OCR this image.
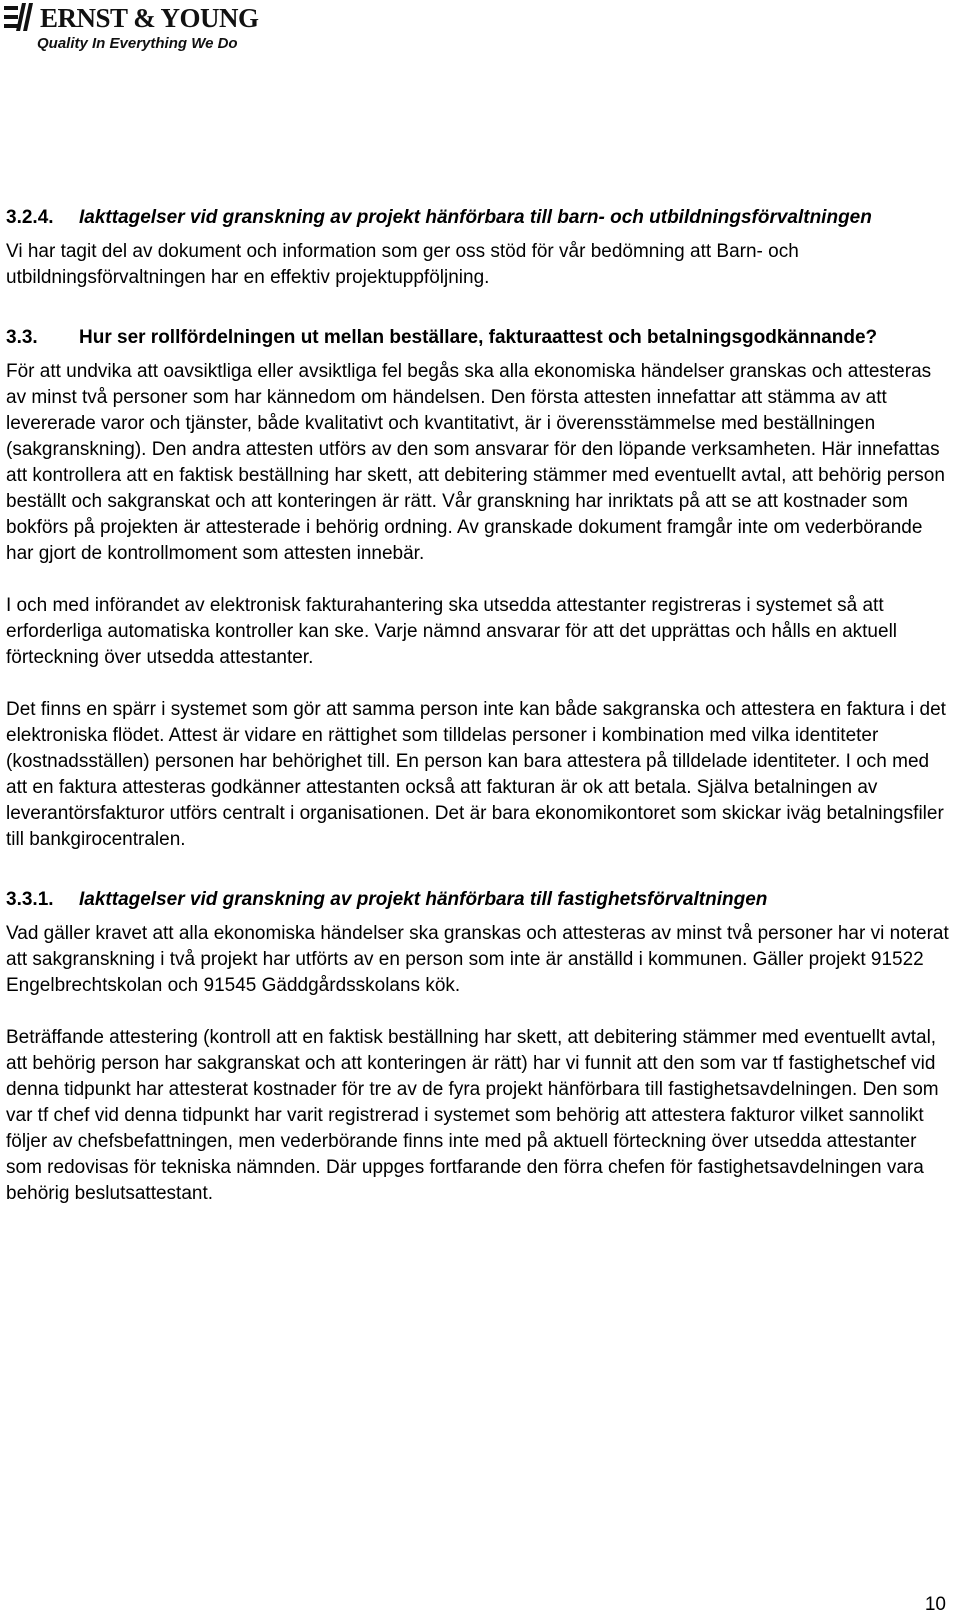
ERNST & YOUNG
Quality In Everything We Do
3.2.4.	Iakttagelser vid granskning av projekt hänförbara till barn- och utbildningsförvaltningen

Vi har tagit del av dokument och information som ger oss stöd för vår bedömning att Barn- och utbildningsförvaltningen har en effektiv projektuppföljning.

3.3.	Hur ser rollfördelningen ut mellan beställare, fakturaattest och betalningsgodkännande?

För att undvika att oavsiktliga eller avsiktliga fel begås ska alla ekonomiska händelser granskas och attesteras av minst två personer som har kännedom om händelsen. Den första attesten innefattar att stämma av att levererade varor och tjänster, både kvalitativt och kvantitativt, är i överensstämmelse med beställningen (sakgranskning). Den andra attesten utförs av den som ansvarar för den löpande verksamheten. Här innefattas att kontrollera att en faktisk beställning har skett, att debitering stämmer med eventuellt avtal, att behörig person beställt och sakgranskat och att konteringen är rätt. Vår granskning har inriktats på att se att kostnader som bokförs på projekten är attesterade i behörig ordning. Av granskade dokument framgår inte om vederbörande har gjort de kontrollmoment som attesten innebär.

I och med införandet av elektronisk fakturahantering ska utsedda attestanter registreras i systemet så att erforderliga automatiska kontroller kan ske. Varje nämnd ansvarar för att det upprättas och hålls en aktuell förteckning över utsedda attestanter.

Det finns en spärr i systemet som gör att samma person inte kan både sakgranska och attestera en faktura i det elektroniska flödet. Attest är vidare en rättighet som tilldelas personer i kombination med vilka identiteter (kostnadsställen) personen har behörighet till. En person kan bara attestera på tilldelade identiteter. I och med att en faktura attesteras godkänner attestanten också att fakturan är ok att betala. Själva betalningen av leverantörsfakturor utförs centralt i organisationen. Det är bara ekonomikontoret som skickar iväg betalningsfiler till bankgirocentralen.

3.3.1.	Iakttagelser vid granskning av projekt hänförbara till fastighetsförvaltningen

Vad gäller kravet att alla ekonomiska händelser ska granskas och attesteras av minst två personer har vi noterat att sakgranskning i två projekt har utförts av en person som inte är anställd i kommunen. Gäller projekt 91522 Engelbrechtskolan och 91545 Gäddgårdsskolans kök.

Beträffande attestering (kontroll att en faktisk beställning har skett, att debitering stämmer med eventuellt avtal, att behörig person har sakgranskat och att konteringen är rätt) har vi funnit att den som var tf fastighetschef vid denna tidpunkt har attesterat kostnader för tre av de fyra projekt hänförbara till fastighetsavdelningen. Den som var tf chef vid denna tidpunkt har varit registrerad i systemet som behörig att attestera fakturor vilket sannolikt följer av chefsbefattningen, men vederbörande finns inte med på aktuell förteckning över utsedda attestanter som redovisas för tekniska nämnden. Där uppges fortfarande den förra chefen för fastighetsavdelningen vara behörig beslutsattestant.

10
